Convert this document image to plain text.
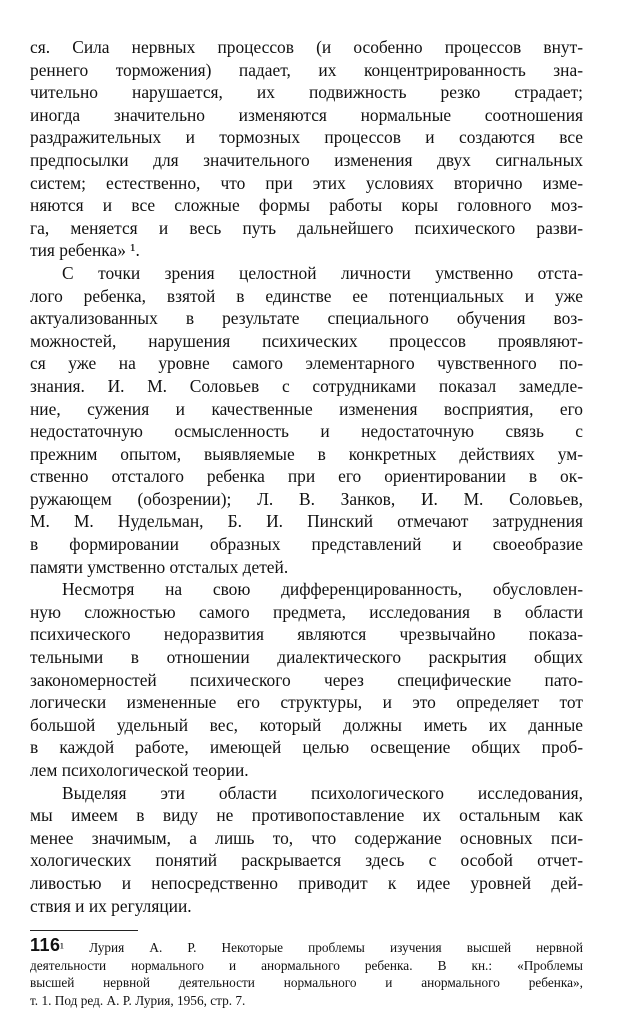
ся. Сила нервных процессов (и особенно процессов внут-
реннего торможения) падает, их концентрированность зна-
чительно нарушается, их подвижность резко страдает;
иногда значительно изменяются нормальные соотношения
раздражительных и тормозных процессов и создаются все
предпосылки для значительного изменения двух сигнальных
систем; естественно, что при этих условиях вторично изме-
няются и все сложные формы работы коры головного моз-
га, меняется и весь путь дальнейшего психического разви-
тия ребенка» ¹.
С точки зрения целостной личности умственно отста-
лого ребенка, взятой в единстве ее потенциальных и уже
актуализованных в результате специального обучения воз-
можностей, нарушения психических процессов проявляют-
ся уже на уровне самого элементарного чувственного по-
знания. И. М. Соловьев с сотрудниками показал замедле-
ние, сужения и качественные изменения восприятия, его
недостаточную осмысленность и недостаточную связь с
прежним опытом, выявляемые в конкретных действиях ум-
ственно отсталого ребенка при его ориентировании в ок-
ружающем (обозрении); Л. В. Занков, И. М. Соловьев,
М. М. Нудельман, Б. И. Пинский отмечают затруднения
в формировании образных представлений и своеобразие
памяти умственно отсталых детей.
Несмотря на свою дифференцированность, обусловлен-
ную сложностью самого предмета, исследования в области
психического недоразвития являются чрезвычайно показа-
тельными в отношении диалектического раскрытия общих
закономерностей психического через специфические пато-
логически измененные его структуры, и это определяет тот
большой удельный вес, который должны иметь их данные
в каждой работе, имеющей целью освещение общих проб-
лем психологической теории.
Выделяя эти области психологического исследования,
мы имеем в виду не противопоставление их остальным как
менее значимым, а лишь то, что содержание основных пси-
хологических понятий раскрывается здесь с особой отчет-
ливостью и непосредственно приводит к идее уровней дей-
ствия и их регуляции.
¹ Лурия А. Р. Некоторые проблемы изучения высшей нервной
деятельности нормального и анормального ребенка. В кн.: «Проблемы
высшей нервной деятельности нормального и анормального ребенка»,
т. 1. Под ред. А. Р. Лурия, 1956, стр. 7.
116
